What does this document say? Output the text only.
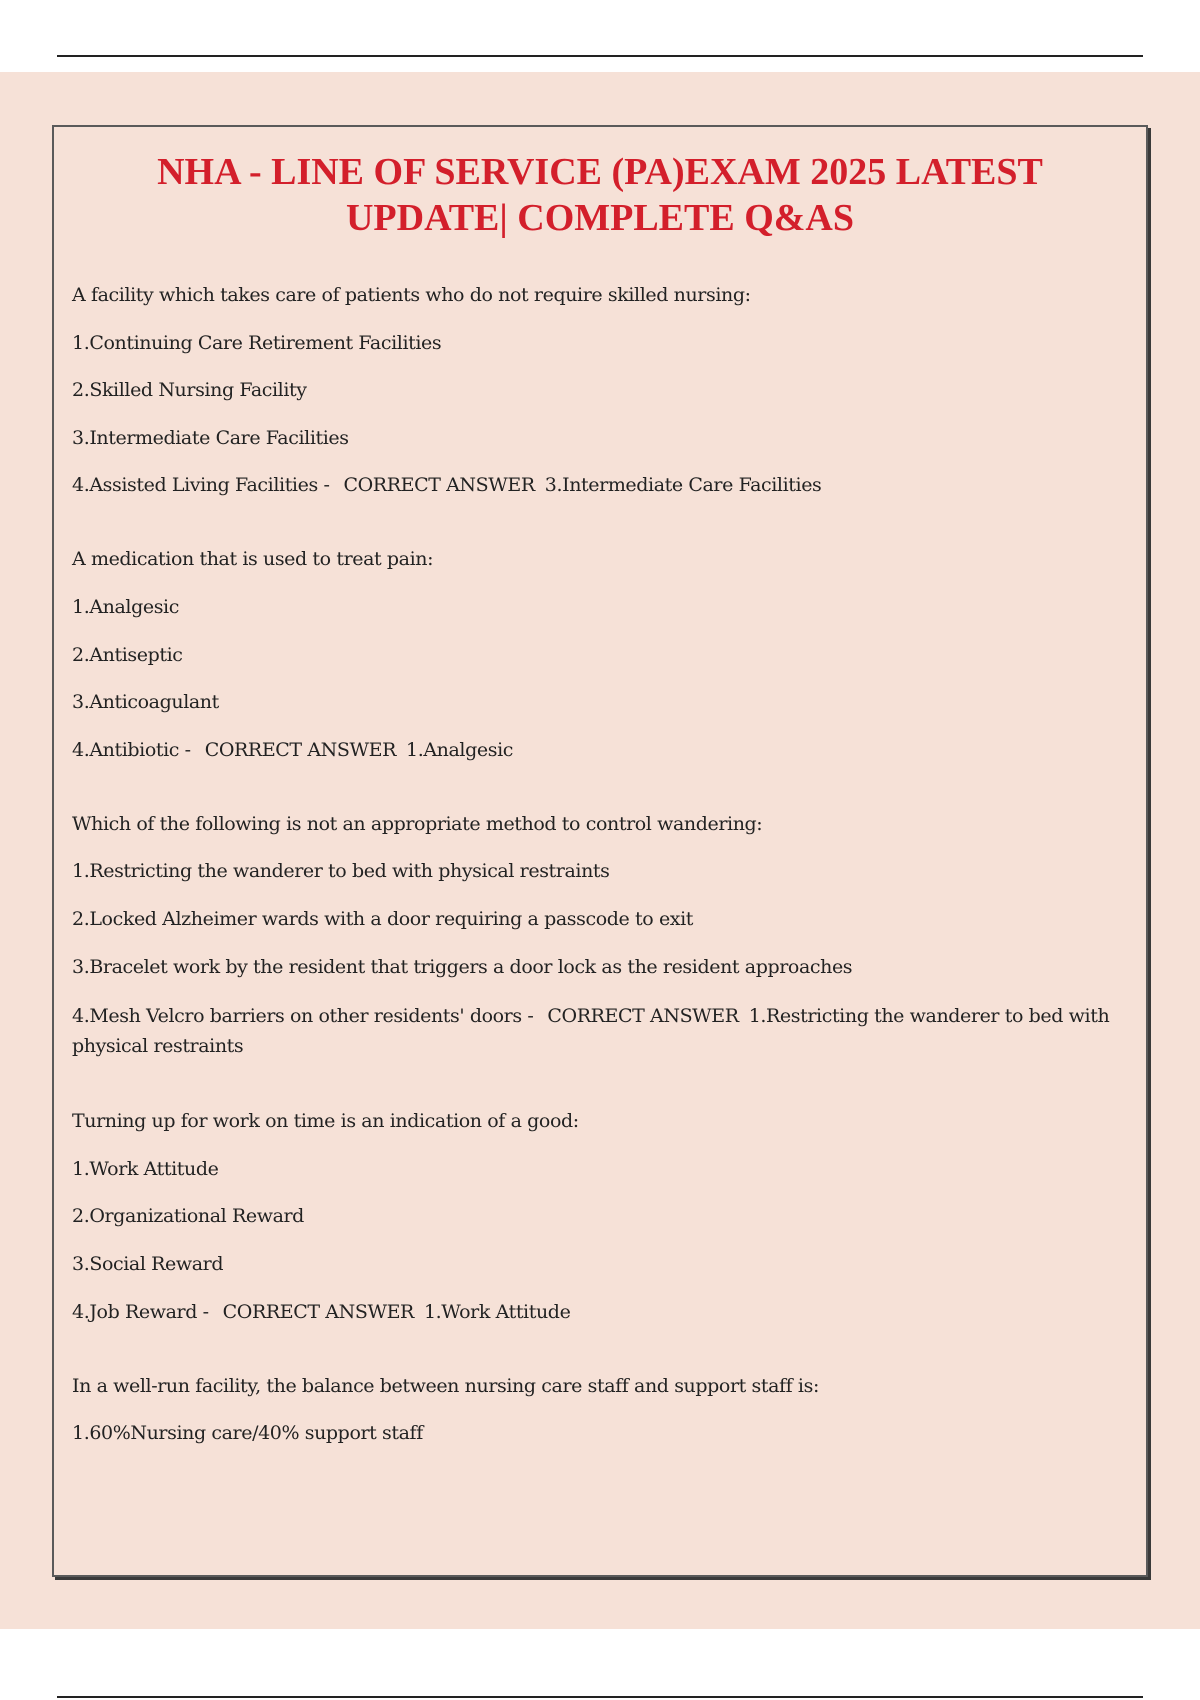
NHA - LINE OF SERVICE (PA)EXAM 2025 LATEST
UPDATE| COMPLETE Q&AS

A facility which takes care of patients who do not require skilled nursing:

1.Continuing Care Retirement Facilities

2.Skilled Nursing Facility

3.Intermediate Care Facilities

4.Assisted Living Facilities - CORRECT ANSWER 3.Intermediate Care Facilities

A medication that is used to treat pain:

1.Analgesic

2.Antiseptic

3.Anticoagulant

4.Antibiotic - CORRECT ANSWER 1.Analgesic

Which of the following is not an appropriate method to control wandering:

1.Restricting the wanderer to bed with physical restraints

2.Locked Alzheimer wards with a door requiring a passcode to exit

3.Bracelet work by the resident that triggers a door lock as the resident approaches

4.Mesh Velcro barriers on other residents' doors - CORRECT ANSWER 1.Restricting the wanderer to bed with physical restraints

Turning up for work on time is an indication of a good:

1.Work Attitude

2.Organizational Reward

3.Social Reward

4.Job Reward - CORRECT ANSWER 1.Work Attitude

In a well-run facility, the balance between nursing care staff and support staff is:

1.60%Nursing care/40% support staff
